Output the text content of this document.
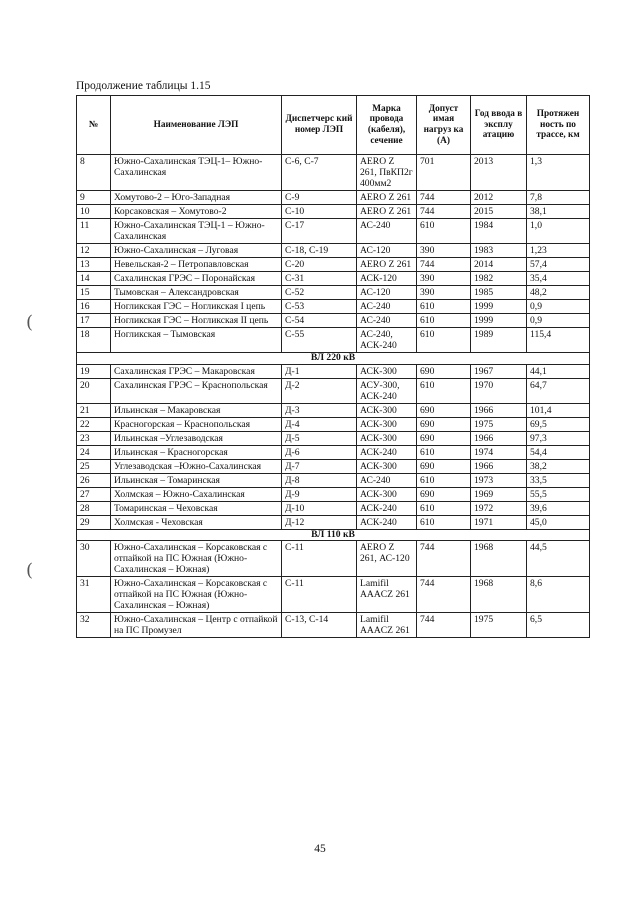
Продолжение таблицы 1.15
№	Наименование ЛЭП	Диспетчерс кий номер ЛЭП	Марка провода (кабеля), сечение	Допуст имая нагруз ка (А)	Год ввода в эксплу атацию	Протяжен ность по трассе, км
8	Южно-Сахалинская ТЭЦ-1– Южно-Сахалинская	С-6, С-7	AERO Z 261, ПвКП2г 400мм2	701	2013	1,3
9	Хомутово-2 – Юго-Западная	С-9	AERO Z 261	744	2012	7,8
10	Корсаковская – Хомутово-2	С-10	AERO Z 261	744	2015	38,1
11	Южно-Сахалинская ТЭЦ-1 – Южно-Сахалинская	С-17	АС-240	610	1984	1,0
12	Южно-Сахалинская – Луговая	С-18, С-19	АС-120	390	1983	1,23
13	Невельская-2 – Петропавловская	С-20	AERO Z 261	744	2014	57,4
14	Сахалинская ГРЭС – Поронайская	С-31	АСК-120	390	1982	35,4
15	Тымовская – Александровская	С-52	АС-120	390	1985	48,2
16	Ногликская ГЭС – Ногликская I цепь	С-53	АС-240	610	1999	0,9
17	Ногликская ГЭС – Ногликская II цепь	С-54	АС-240	610	1999	0,9
18	Ногликская – Тымовская	С-55	АС-240, АСК-240	610	1989	115,4
ВЛ 220 кВ						
19	Сахалинская ГРЭС – Макаровская	Д-1	АСК-300	690	1967	44,1
20	Сахалинская ГРЭС – Краснопольская	Д-2	АСУ-300, АСК-240	610	1970	64,7
21	Ильинская – Макаровская	Д-3	АСК-300	690	1966	101,4
22	Красногорская – Краснопольская	Д-4	АСК-300	690	1975	69,5
23	Ильинская –Углезаводская	Д-5	АСК-300	690	1966	97,3
24	Ильинская – Красногорская	Д-6	АСК-240	610	1974	54,4
25	Углезаводская –Южно-Сахалинская	Д-7	АСК-300	690	1966	38,2
26	Ильинская – Томаринская	Д-8	АС-240	610	1973	33,5
27	Холмская – Южно-Сахалинская	Д-9	АСК-300	690	1969	55,5
28	Томаринская – Чеховская	Д-10	АСК-240	610	1972	39,6
29	Холмская - Чеховская	Д-12	АСК-240	610	1971	45,0
ВЛ 110 кВ						
30	Южно-Сахалинская – Корсаковская с отпайкой на ПС Южная (Южно-Сахалинская – Южная)	С-11	AERO Z 261, АС-120	744	1968	44,5
31	Южно-Сахалинская – Корсаковская с отпайкой на ПС Южная (Южно-Сахалинская – Южная)	С-11	Lamifil AAACZ 261	744	1968	8,6
32	Южно-Сахалинская – Центр с отпайкой на ПС Промузел	С-13, С-14	Lamifil AAACZ 261	744	1975	6,5
45
(
(
